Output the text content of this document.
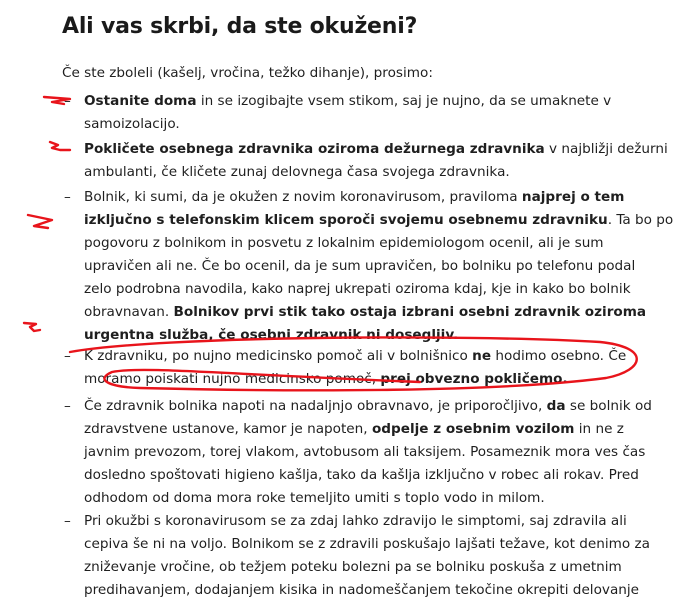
Ali vas skrbi, da ste okuženi?

Če ste zboleli (kašelj, vročina, težko dihanje), prosimo:

– Ostanite doma in se izogibajte vsem stikom, saj je nujno, da se umaknete v
samoizolacijo.
– Pokličete osebnega zdravnika oziroma dežurnega zdravnika v najbližji dežurni
ambulanti, če kličete zunaj delovnega časa svojega zdravnika.
– Bolnik, ki sumi, da je okužen z novim koronavirusom, praviloma najprej o tem
izključno s telefonskim klicem sporoči svojemu osebnemu zdravniku. Ta bo po
pogovoru z bolnikom in posvetu z lokalnim epidemiologom ocenil, ali je sum
upravičen ali ne. Če bo ocenil, da je sum upravičen, bo bolniku po telefonu podal
zelo podrobna navodila, kako naprej ukrepati oziroma kdaj, kje in kako bo bolnik
obravnavan. Bolnikov prvi stik tako ostaja izbrani osebni zdravnik oziroma
urgentna služba, če osebni zdravnik ni dosegljiv.
– K zdravniku, po nujno medicinsko pomoč ali v bolnišnico ne hodimo osebno. Če
moramo poiskati nujno medicinsko pomoč, prej obvezno pokličemo.
– Če zdravnik bolnika napoti na nadaljnjo obravnavo, je priporočljivo, da se bolnik od
zdravstvene ustanove, kamor je napoten, odpelje z osebnim vozilom in ne z
javnim prevozom, torej vlakom, avtobusom ali taksijem. Posameznik mora ves čas
dosledno spoštovati higieno kašlja, tako da kašlja izključno v robec ali rokav. Pred
odhodom od doma mora roke temeljito umiti s toplo vodo in milom.
– Pri okužbi s koronavirusom se za zdaj lahko zdravijo le simptomi, saj zdravila ali
cepiva še ni na voljo. Bolnikom se z zdravili poskušajo lajšati težave, kot denimo za
zniževanje vročine, ob težjem poteku bolezni pa se bolniku poskuša z umetnim
predihavanjem, dodajanjem kisika in nadomeščanjem tekočine okrepiti delovanje
